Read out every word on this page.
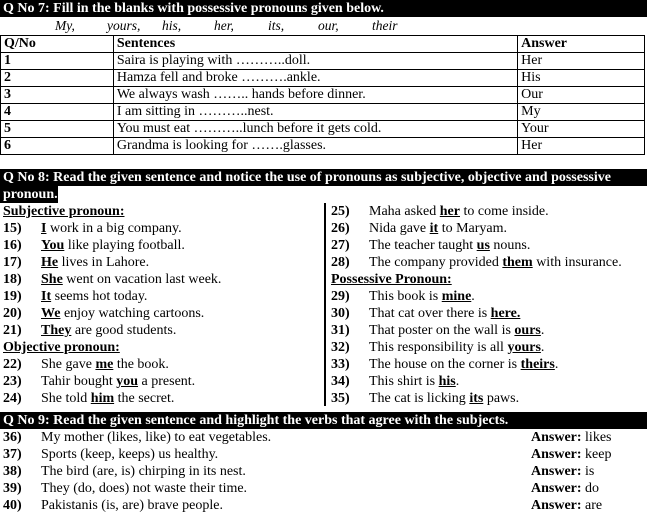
Q No 7: Fill in the blanks with possessive pronouns given below.
My, yours, his, her,	its,	our, their
Q/No	Sentences	Answer
1	Saira is playing with ………..doll.	Her
2	Hamza fell and broke ……….ankle.	His
3	We always wash …….. hands before dinner.	Our
4	I am sitting in ………..nest.	My
5	You must eat ………..lunch before it gets cold.	Your
6	Grandma is looking for …….glasses.	Her
Q No 8: Read the given sentence and notice the use of pronouns as subjective, objective and possessive
pronoun.
Subjective pronoun:
15) I work in a big company.
16) You like playing football.
17) He lives in Lahore.
18) She went on vacation last week.
19) It seems hot today.
20) We enjoy watching cartoons.
21) They are good students.
22) She gave me the book.
23) Tahir bought you a present.
24) She told him the secret.
Objective pronoun:
25) Maha asked her to come inside.
26) Nida gave it to Maryam.
27) The teacher taught us nouns.
28) The company provided them with insurance.
29) This book is mine.
30) That cat over there is here.
31) That poster on the wall is ours.
32) This responsibility is all yours.
33) The house on the corner is theirs.
34) This shirt is his.
35) The cat is licking its paws.
Possessive Pronoun:
Q No 9: Read the given sentence and highlight the verbs that agree with the subjects.
36) My mother (likes, like) to eat vegetables.	Answer: likes
37) Sports (keep, keeps) us healthy.	Answer: keep
38) The bird (are, is) chirping in its nest.	Answer: is
39) They (do, does) not waste their time.	Answer: do
40) Pakistanis (is, are) brave people.	Answer: are
